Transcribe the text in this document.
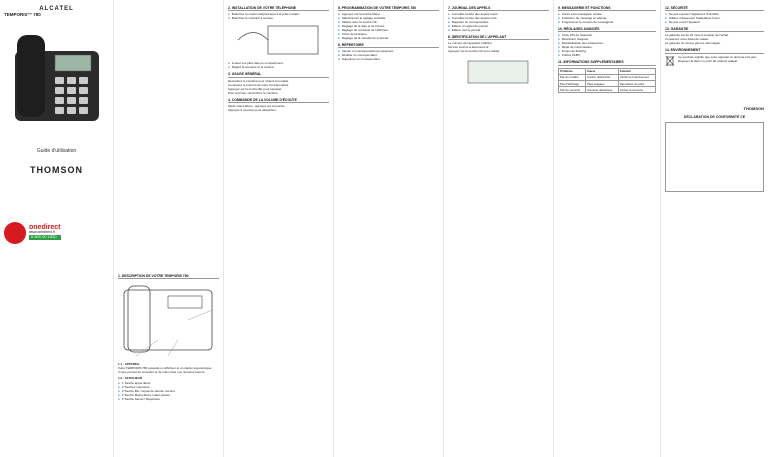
ALCATEL
TEMPORIS™ 780
Guide d'utilisation
THOMSON
onedirect
www.onedirect.fr
0 800 00 1830
1. DESCRIPTION DE VOTRE TEMPORIS 780
1.1 - APPAREIL
Votre TEMPORIS 780 possède un afficheur et un clavier ergonomique.
Il vous permet de consulter et de mémoriser vos numéros favoris.
1.2 - AFFICHEUR
● 1 Touche appel direct
● 2 Touches mémoires
● 3 Touche Bis / rappel du dernier numéro
● 4 Touche Mains-libres / Haut-parleur
● 5 Touche Secret / Répertoire
2. INSTALLATION DE VOTRE TÉLÉPHONE
● Branchez le cordon téléphonique à la prise murale.
● Branchez le combiné à la base.
● Insérez les piles dans le compartiment.
● Réglez la sonnerie et le volume.
3. USAGE GÉNÉRAL
Décrochez le combiné pour obtenir la tonalité.
Composez le numéro de votre correspondant.
Appuyez sur la touche Bis pour rappeler.
Pour terminer, raccrochez le combiné.
4. COMMANDE DE LA VOLUME D'ÉCOUTE
Mode mains-libres : appuyez sur la touche.
Appuyez à nouveau pour désactiver.
5. PROGRAMMATION DE VOTRE TEMPORIS 780
● Appuyez sur la touche Menu.
● Sélectionnez le réglage souhaité.
● Validez avec la touche OK.
● Réglage de la date et de l'heure.
● Réglage du contraste de l'afficheur.
● Choix de la langue.
● Réglage de la mélodie de sonnerie.
6. RÉPERTOIRE
● Ajouter un correspondant au répertoire.
● Modifier un correspondant.
● Supprimer un correspondant.
7. JOURNAL DES APPELS
● Consulter la liste des appels reçus.
● Consulter la liste des appels émis.
● Rappeler un correspondant.
● Effacer un appel du journal.
● Effacer tout le journal.
8. IDENTIFICATION DE L'APPELANT
Le numéro de l'appelant s'affiche.
Service soumis à abonnement.
Appuyez sur la touche OK pour valider.
9. MESSAGERIE ET FONCTIONS
● Accès à la messagerie vocale.
● Indicateur de message en attente.
● Programmer le numéro de messagerie.
10. RÉGLAGES AVANCÉS
● Code PIN de l'appareil.
● Restriction d'appels.
● Réinitialisation des paramètres.
● Mode de numérotation.
● Temps de flashing.
● Préfixe PABX.
11. INFORMATIONS SUPPLÉMENTAIRES
Problème	Cause	Solution
Pas de tonalité	Cordon débranché	Vérifier le branchement
Pas d'affichage	Piles usagées	Remplacer les piles
Pas de sonnerie	Sonnerie désactivée	Activer la sonnerie
12. SÉCURITÉ
● Ne pas exposer l'appareil à l'humidité.
● Utilisez uniquement l'adaptateur fourni.
● Ne pas ouvrir l'appareil.
13. GARANTIE
La garantie est de 24 mois à compter de l'achat.
Conservez votre ticket de caisse.
La garantie ne couvre pas les dommages.
14. ENVIRONNEMENT
Ce symbole signifie que votre appareil ne doit pas être jeté.
Déposez-le dans un point de collecte adapté.
THOMSON
DÉCLARATION DE CONFORMITÉ CE
